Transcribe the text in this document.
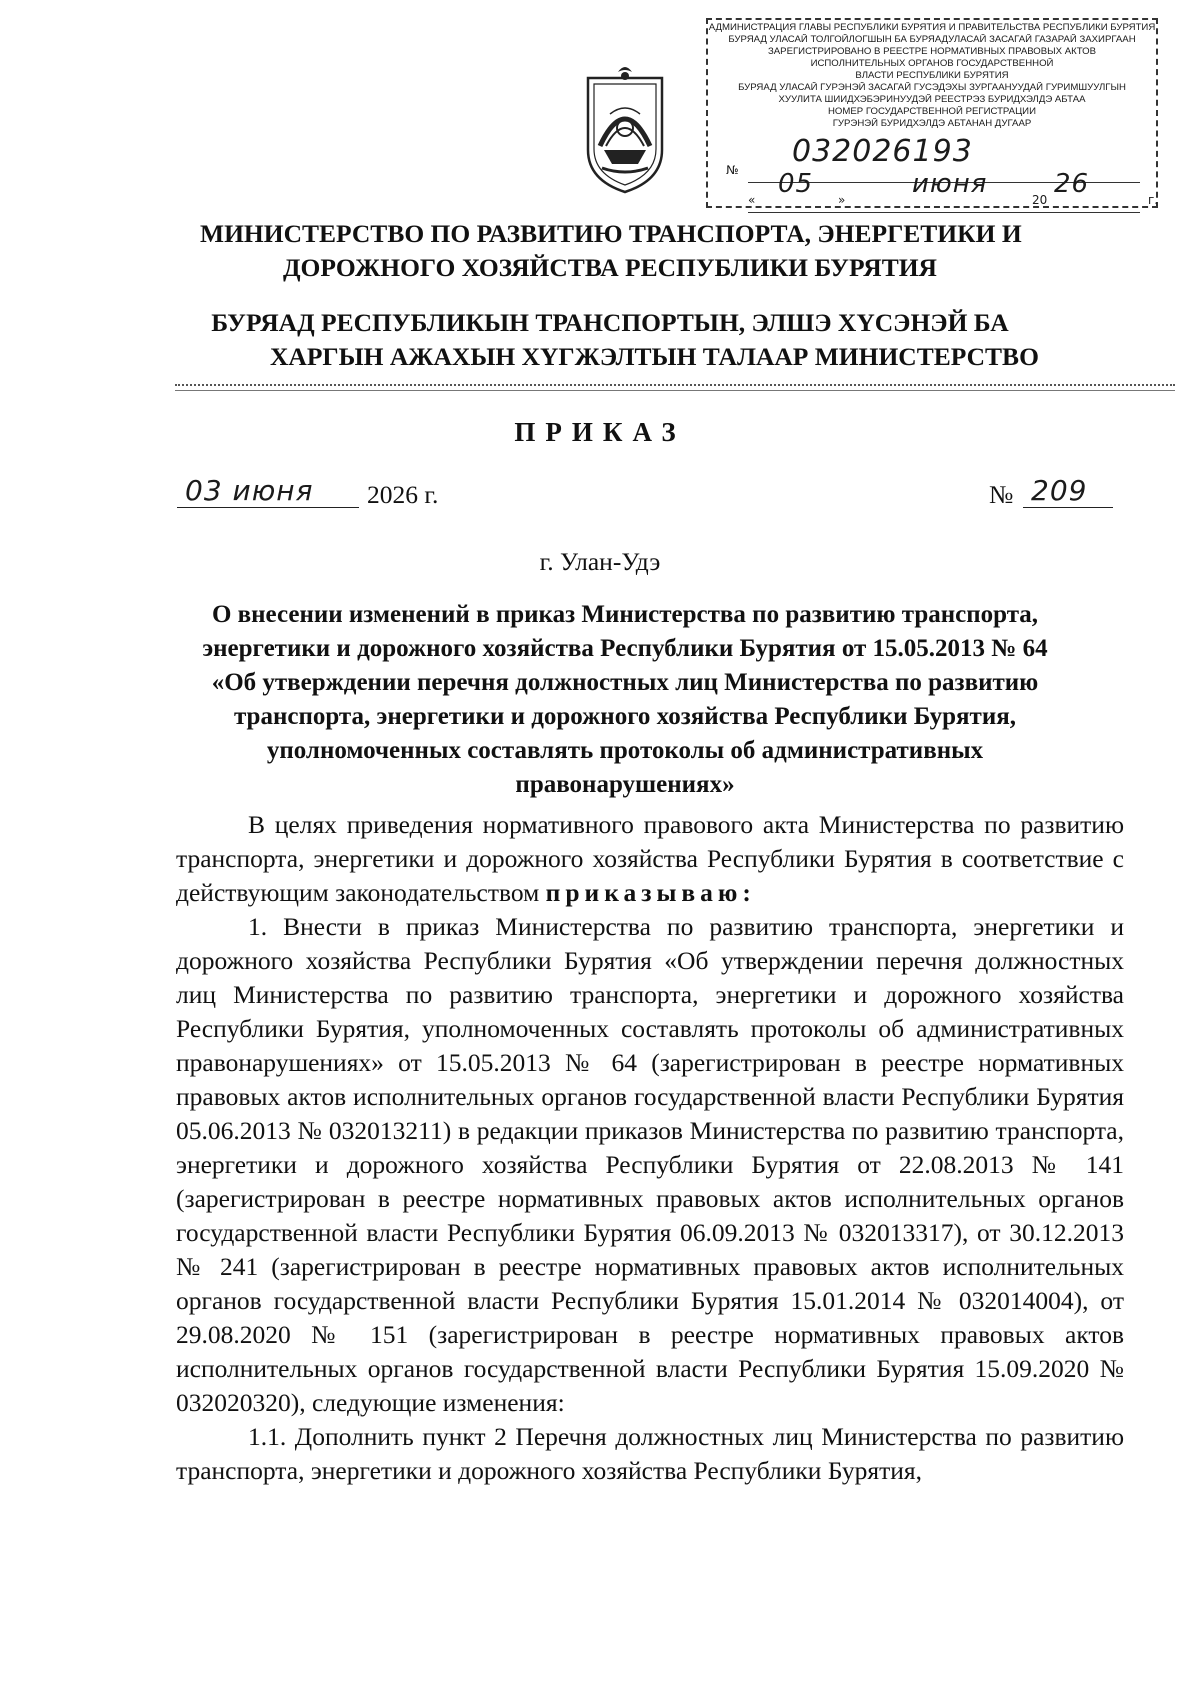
АДМИНИСТРАЦИЯ ГЛАВЫ РЕСПУБЛИКИ БУРЯТИЯ И ПРАВИТЕЛЬСТВА РЕСПУБЛИКИ БУРЯТИЯ
БУРЯАД УЛАСАЙ ТОЛГОЙЛОГШЫН БА БУРЯАДУЛАСАЙ ЗАСАГАЙ ГАЗАРАЙ ЗАХИРГААН
ЗАРЕГИСТРИРОВАНО В РЕЕСТРЕ НОРМАТИВНЫХ ПРАВОВЫХ АКТОВ
ИСПОЛНИТЕЛЬНЫХ ОРГАНОВ ГОСУДАРСТВЕННОЙ
ВЛАСТИ РЕСПУБЛИКИ БУРЯТИЯ
БУРЯАД УЛАСАЙ ГУРЭНЭЙ ЗАСАГАЙ ГУСЭДЭХЫ ЗУРГААНУУДАЙ ГУРИМШУУЛГЫН
ХУУЛИТА ШИИДХЭБЭРИНУУДЭЙ РЕЕСТРЭЗ БУРИДХЭЛДЭ АБТАА
НОМЕР ГОСУДАРСТВЕННОЙ РЕГИСТРАЦИИ
ГУРЭНЭЙ БУРИДХЭЛДЭ АБТАНАН ДУГААР
№
032026193
«
05
»
июня
20
26
г.
МИНИСТЕРСТВО ПО РАЗВИТИЮ ТРАНСПОРТА, ЭНЕРГЕТИКИ И
ДОРОЖНОГО ХОЗЯЙСТВА РЕСПУБЛИКИ БУРЯТИЯ
БУРЯАД РЕСПУБЛИКЫН ТРАНСПОРТЫН, ЭЛШЭ ХYСЭНЭЙ БА
ХАРГЫН АЖАХЫН ХYГЖЭЛТЫН ТАЛААР МИНИСТЕРСТВО
ПРИКАЗ
03 июня	2026 г.	№ 209
г. Улан-Удэ
О внесении изменений в приказ Министерства по развитию транспорта, энергетики и дорожного хозяйства Республики Бурятия от 15.05.2013 № 64 «Об утверждении перечня должностных лиц Министерства по развитию транспорта, энергетики и дорожного хозяйства Республики Бурятия, уполномоченных составлять протоколы об административных правонарушениях»

В целях приведения нормативного правового акта Министерства по развитию транспорта, энергетики и дорожного хозяйства Республики Бурятия в соответствие с действующим законодательством приказываю:

1. Внести в приказ Министерства по развитию транспорта, энергетики и дорожного хозяйства Республики Бурятия «Об утверждении перечня должностных лиц Министерства по развитию транспорта, энергетики и дорожного хозяйства Республики Бурятия, уполномоченных составлять протоколы об административных правонарушениях» от 15.05.2013 № 64 (зарегистрирован в реестре нормативных правовых актов исполнительных органов государственной власти Республики Бурятия 05.06.2013 № 032013211) в редакции приказов Министерства по развитию транспорта, энергетики и дорожного хозяйства Республики Бурятия от 22.08.2013 № 141 (зарегистрирован в реестре нормативных правовых актов исполнительных органов государственной власти Республики Бурятия 06.09.2013 № 032013317), от 30.12.2013 № 241 (зарегистрирован в реестре нормативных правовых актов исполнительных органов государственной власти Республики Бурятия 15.01.2014 № 032014004), от 29.08.2020 № 151 (зарегистрирован в реестре нормативных правовых актов исполнительных органов государственной власти Республики Бурятия 15.09.2020 № 032020320), следующие изменения:

1.1. Дополнить пункт 2 Перечня должностных лиц Министерства по развитию транспорта, энергетики и дорожного хозяйства Республики Бурятия,
